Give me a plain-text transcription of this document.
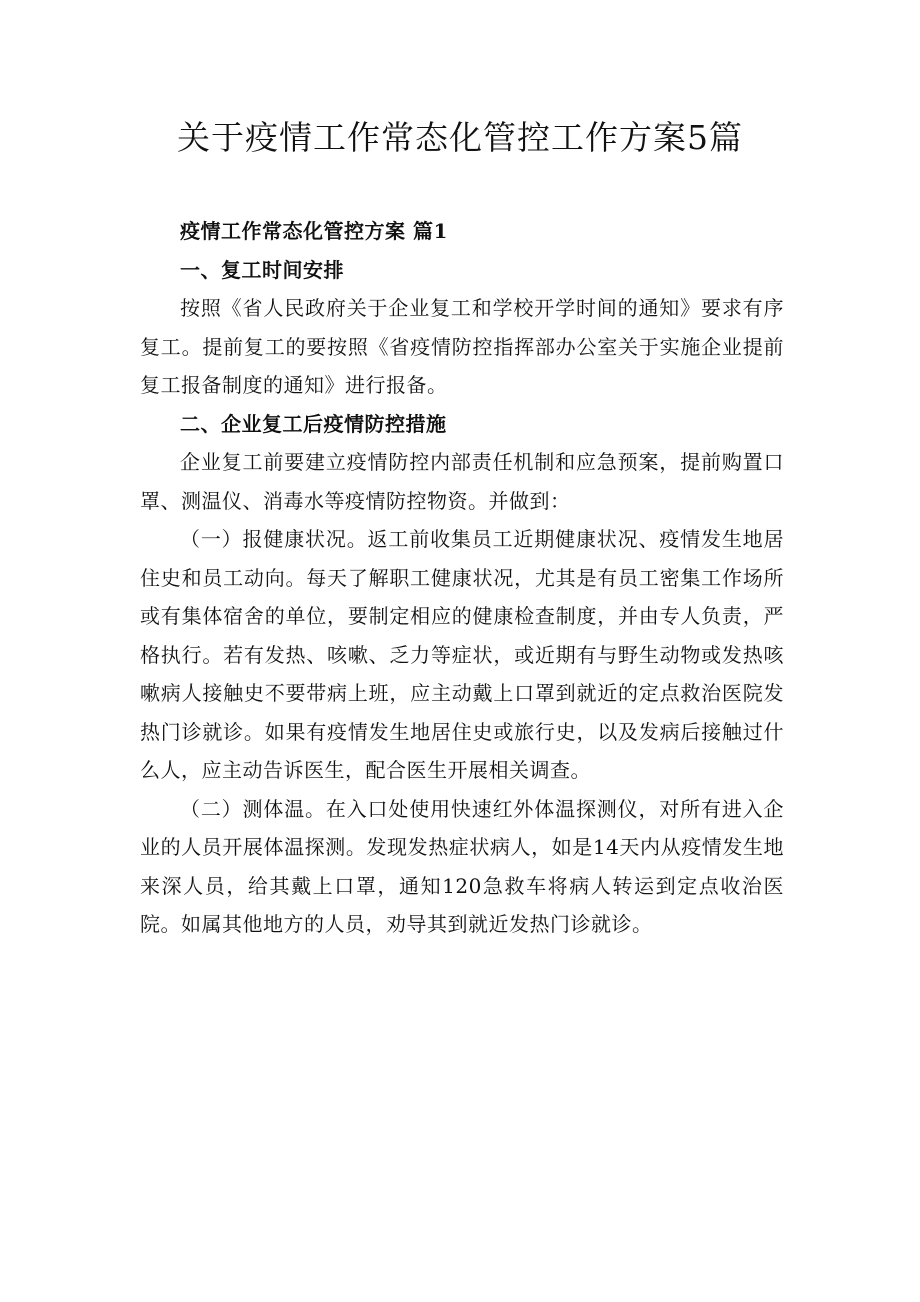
关于疫情工作常态化管控工作方案5篇

疫情工作常态化管控方案 篇1

一、复工时间安排

按照《省人民政府关于企业复工和学校开学时间的通知》要求有序复工。提前复工的要按照《省疫情防控指挥部办公室关于实施企业提前复工报备制度的通知》进行报备。

二、企业复工后疫情防控措施

企业复工前要建立疫情防控内部责任机制和应急预案，提前购置口罩、测温仪、消毒水等疫情防控物资。并做到：

（一）报健康状况。返工前收集员工近期健康状况、疫情发生地居住史和员工动向。每天了解职工健康状况，尤其是有员工密集工作场所或有集体宿舍的单位，要制定相应的健康检查制度，并由专人负责，严格执行。若有发热、咳嗽、乏力等症状，或近期有与野生动物或发热咳嗽病人接触史不要带病上班，应主动戴上口罩到就近的定点救治医院发热门诊就诊。如果有疫情发生地居住史或旅行史，以及发病后接触过什么人，应主动告诉医生，配合医生开展相关调查。

（二）测体温。在入口处使用快速红外体温探测仪，对所有进入企业的人员开展体温探测。发现发热症状病人，如是14天内从疫情发生地来深人员，给其戴上口罩，通知120急救车将病人转运到定点收治医院。如属其他地方的人员，劝导其到就近发热门诊就诊。
